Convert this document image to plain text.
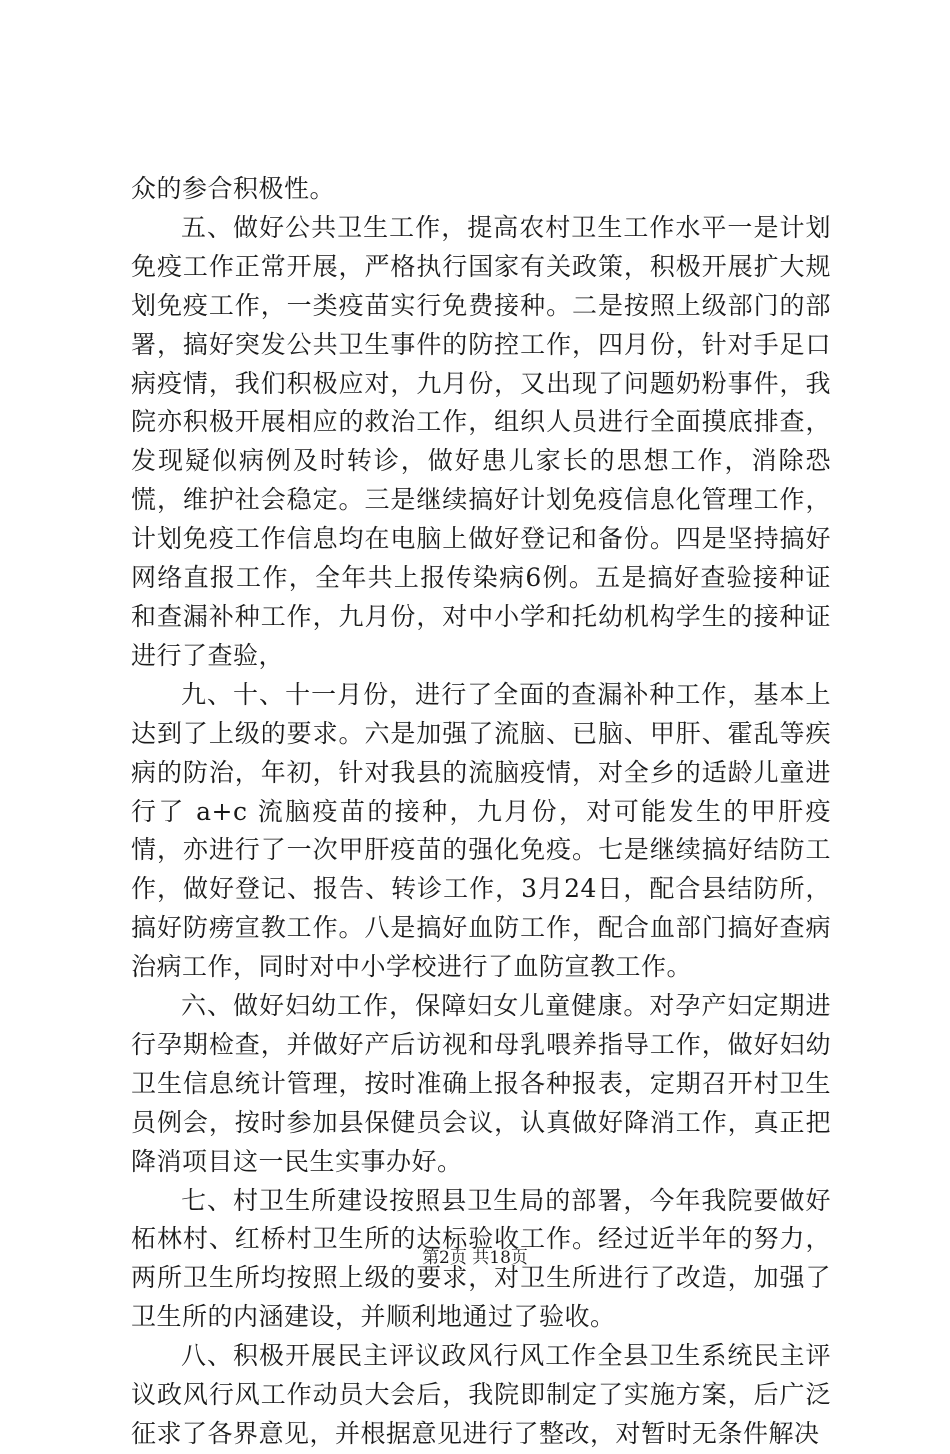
众的参合积极性。

五、做好公共卫生工作，提高农村卫生工作水平一是计划免疫工作正常开展，严格执行国家有关政策，积极开展扩大规划免疫工作，一类疫苗实行免费接种。二是按照上级部门的部署，搞好突发公共卫生事件的防控工作，四月份，针对手足口病疫情，我们积极应对，九月份，又出现了问题奶粉事件，我院亦积极开展相应的救治工作，组织人员进行全面摸底排查，发现疑似病例及时转诊，做好患儿家长的思想工作，消除恐慌，维护社会稳定。三是继续搞好计划免疫信息化管理工作，计划免疫工作信息均在电脑上做好登记和备份。四是坚持搞好网络直报工作，全年共上报传染病6例。五是搞好查验接种证和查漏补种工作，九月份，对中小学和托幼机构学生的接种证进行了查验，

九、十、十一月份，进行了全面的查漏补种工作，基本上达到了上级的要求。六是加强了流脑、已脑、甲肝、霍乱等疾病的防治，年初，针对我县的流脑疫情，对全乡的适龄儿童进行了 a+c 流脑疫苗的接种，九月份，对可能发生的甲肝疫情，亦进行了一次甲肝疫苗的强化免疫。七是继续搞好结防工作，做好登记、报告、转诊工作，3月24日，配合县结防所，搞好防痨宣教工作。八是搞好血防工作，配合血部门搞好查病治病工作，同时对中小学校进行了血防宣教工作。

六、做好妇幼工作，保障妇女儿童健康。对孕产妇定期进行孕期检查，并做好产后访视和母乳喂养指导工作，做好妇幼卫生信息统计管理，按时准确上报各种报表，定期召开村卫生员例会，按时参加县保健员会议，认真做好降消工作，真正把降消项目这一民生实事办好。

七、村卫生所建设按照县卫生局的部署，今年我院要做好柘林村、红桥村卫生所的达标验收工作。经过近半年的努力，两所卫生所均按照上级的要求，对卫生所进行了改造，加强了卫生所的内涵建设，并顺利地通过了验收。

八、积极开展民主评议政风行风工作全县卫生系统民主评议政风行风工作动员大会后，我院即制定了实施方案，后广泛征求了各界意见，并根据意见进行了整改，对暂时无条件解决

第2页 共18页
